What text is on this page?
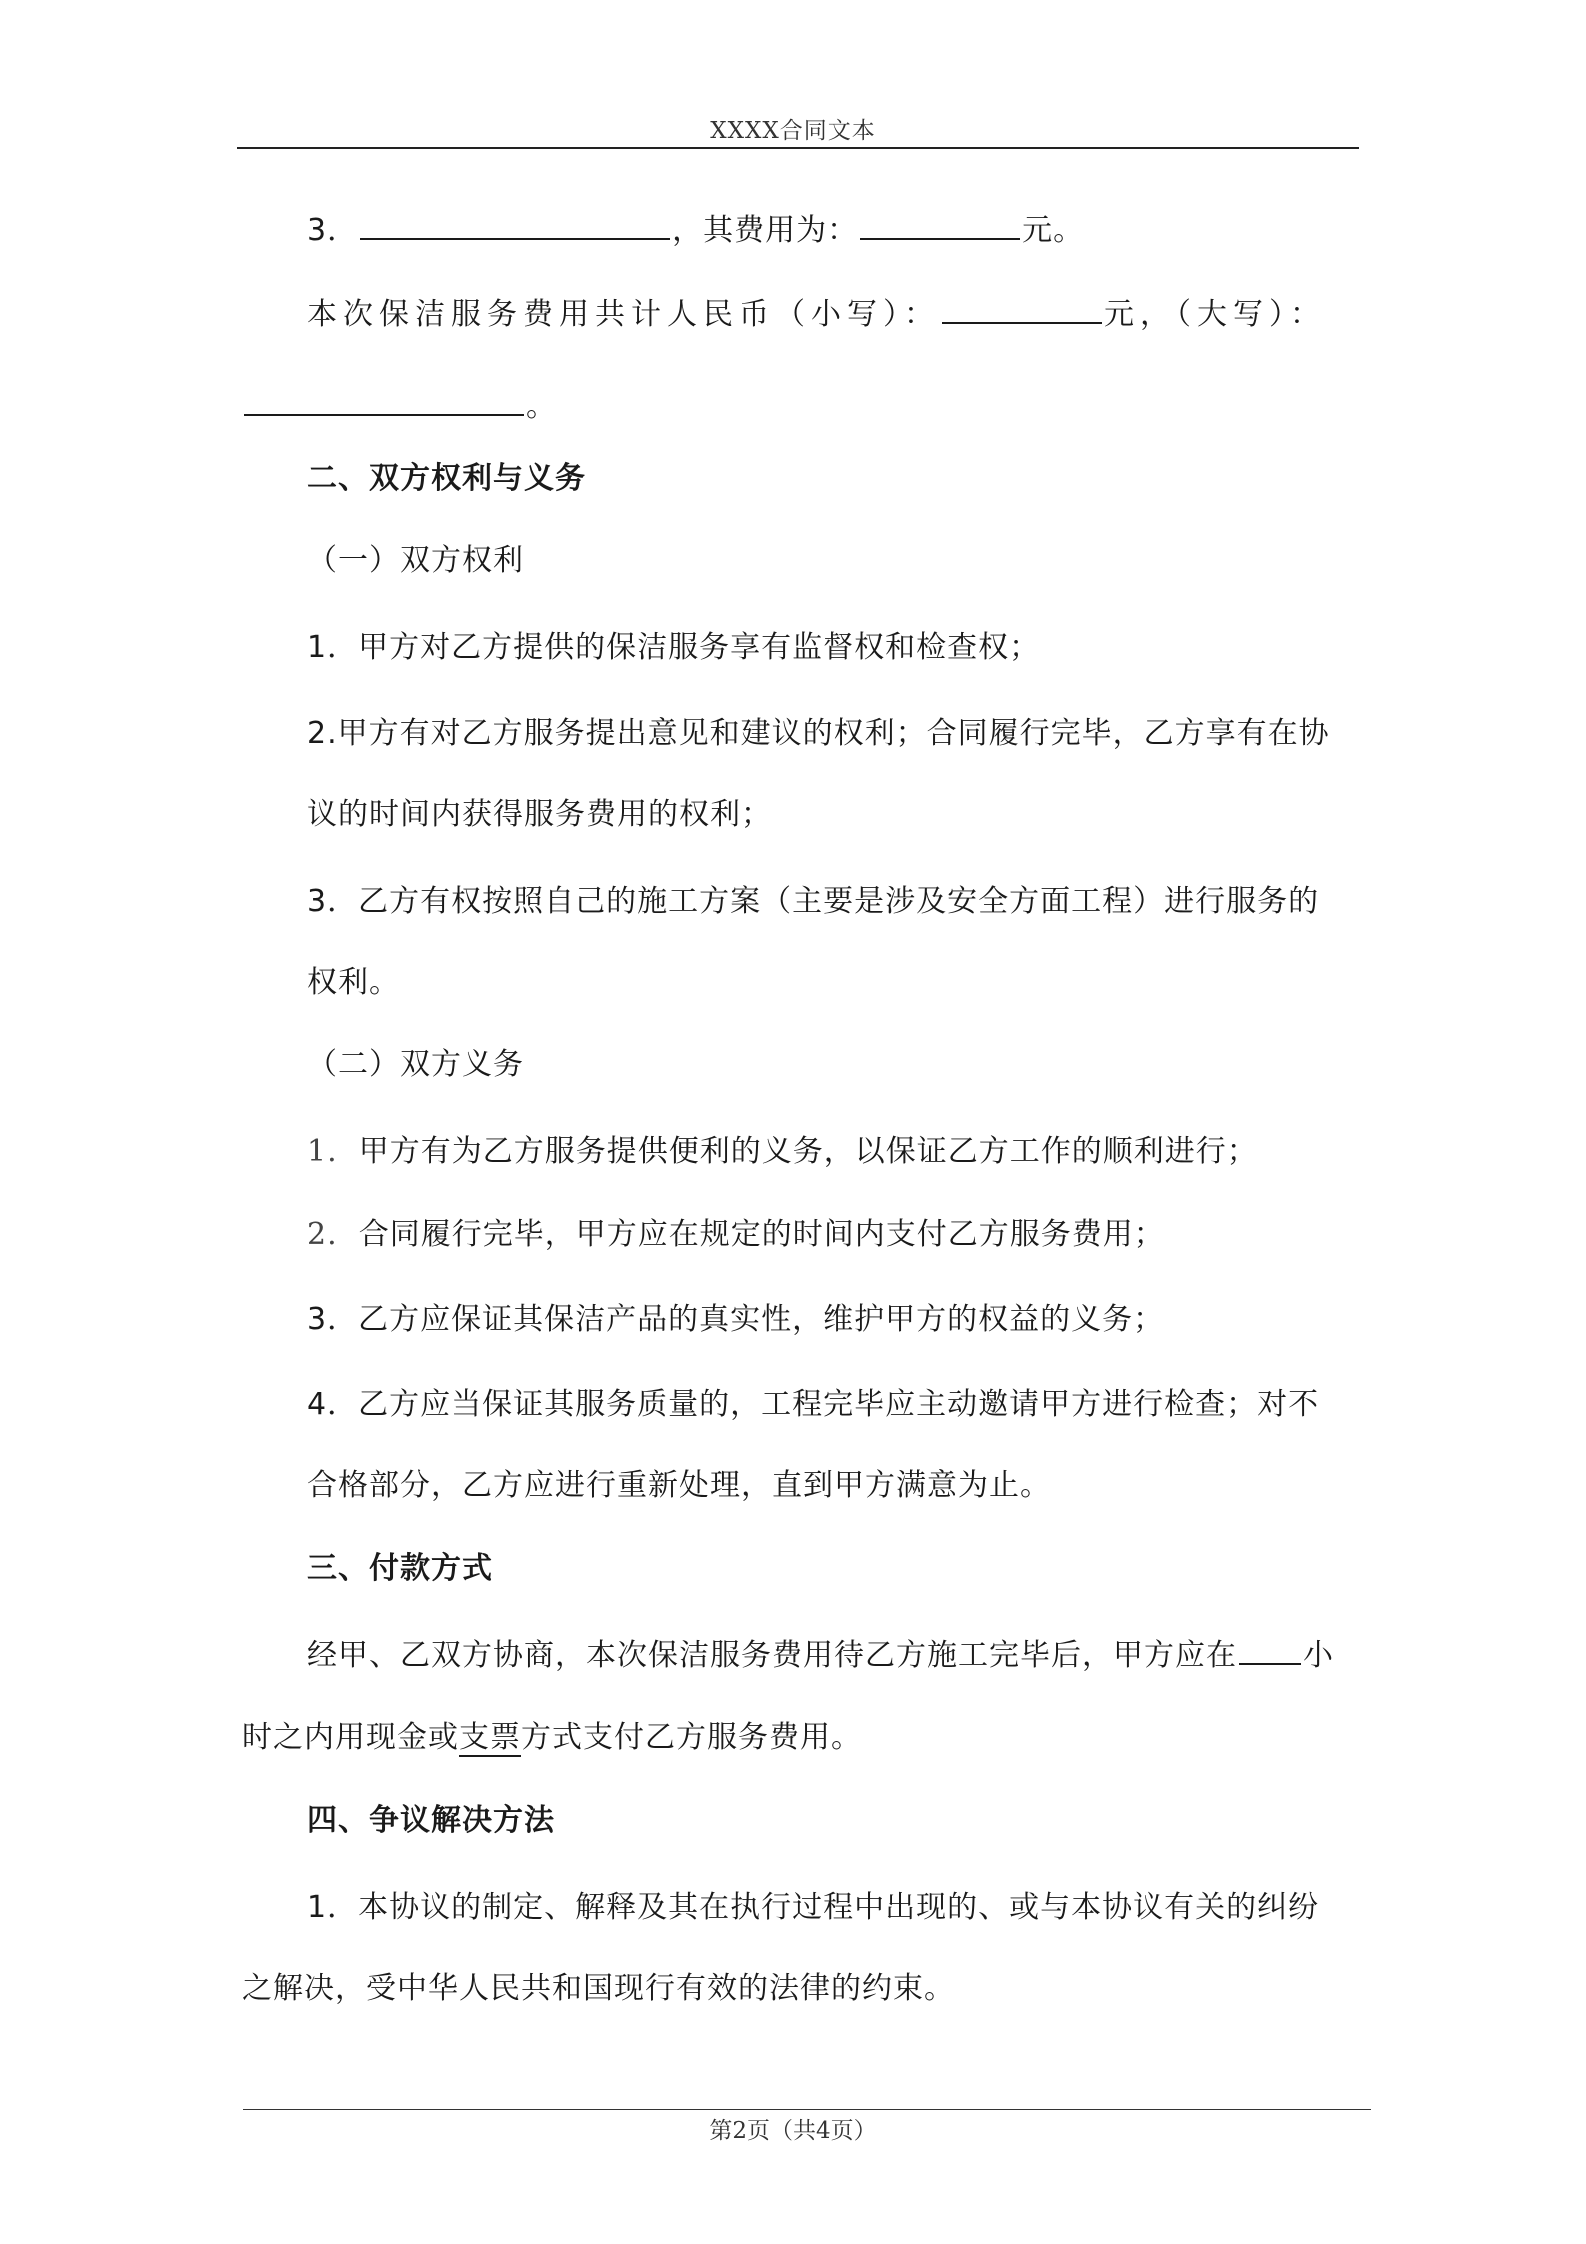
XXXX合同文本
3．	，其费用为：	元。
本次保洁服务费用共计人民币（小写）：	元，（大写）：
。
二、双方权利与义务
（一）双方权利
1．甲方对乙方提供的保洁服务享有监督权和检查权；
2.甲方有对乙方服务提出意见和建议的权利；合同履行完毕，乙方享有在协
议的时间内获得服务费用的权利；
3．乙方有权按照自己的施工方案（主要是涉及安全方面工程）进行服务的
权利。
（二）双方义务
1. 甲方有为乙方服务提供便利的义务，以保证乙方工作的顺利进行；
2. 合同履行完毕，甲方应在规定的时间内支付乙方服务费用；
3．乙方应保证其保洁产品的真实性，维护甲方的权益的义务；
4．乙方应当保证其服务质量的，工程完毕应主动邀请甲方进行检查；对不
合格部分，乙方应进行重新处理，直到甲方满意为止。
三、付款方式
经甲、乙双方协商，本次保洁服务费用待乙方施工完毕后，甲方应在 小
时之内用现金或支票方式支付乙方服务费用。
四、争议解决方法
1．本协议的制定、解释及其在执行过程中出现的、或与本协议有关的纠纷
之解决，受中华人民共和国现行有效的法律的约束。
第2页（共4页）
